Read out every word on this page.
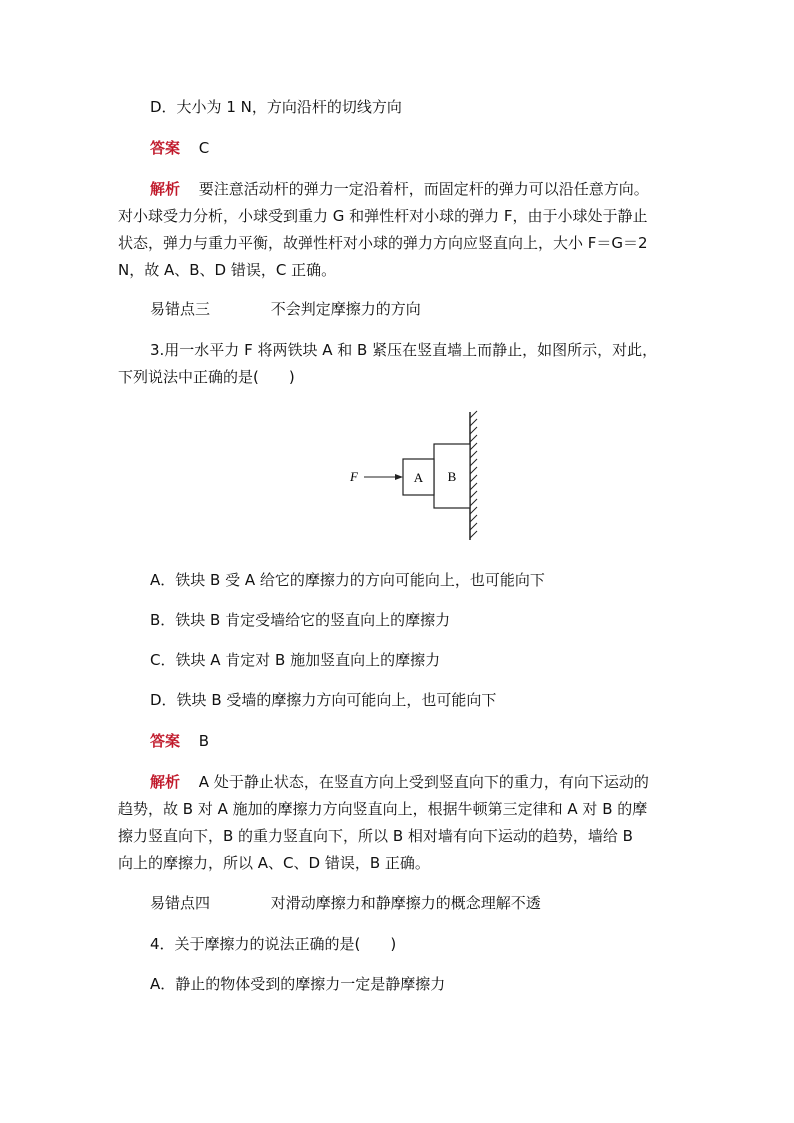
D．大小为 1 N，方向沿杆的切线方向
答案 C
解析 要注意活动杆的弹力一定沿着杆，而固定杆的弹力可以沿任意方向。
对小球受力分析，小球受到重力 G 和弹性杆对小球的弹力 F，由于小球处于静止
状态，弹力与重力平衡，故弹性杆对小球的弹力方向应竖直向上，大小 F＝G＝2
N，故 A、B、D 错误，C 正确。
易错点三	不会判定摩擦力的方向
3.用一水平力 F 将两铁块 A 和 B 紧压在竖直墙上而静止，如图所示，对此，
下列说法中正确的是(　　)
B
A
F
A．铁块 B 受 A 给它的摩擦力的方向可能向上，也可能向下
B．铁块 B 肯定受墙给它的竖直向上的摩擦力
C．铁块 A 肯定对 B 施加竖直向上的摩擦力
D．铁块 B 受墙的摩擦力方向可能向上，也可能向下
答案 B
解析 A 处于静止状态，在竖直方向上受到竖直向下的重力，有向下运动的
趋势，故 B 对 A 施加的摩擦力方向竖直向上，根据牛顿第三定律和 A 对 B 的摩
擦力竖直向下，B 的重力竖直向下，所以 B 相对墙有向下运动的趋势，墙给 B
向上的摩擦力，所以 A、C、D 错误，B 正确。
易错点四	对滑动摩擦力和静摩擦力的概念理解不透
4．关于摩擦力的说法正确的是(　　)
A．静止的物体受到的摩擦力一定是静摩擦力
